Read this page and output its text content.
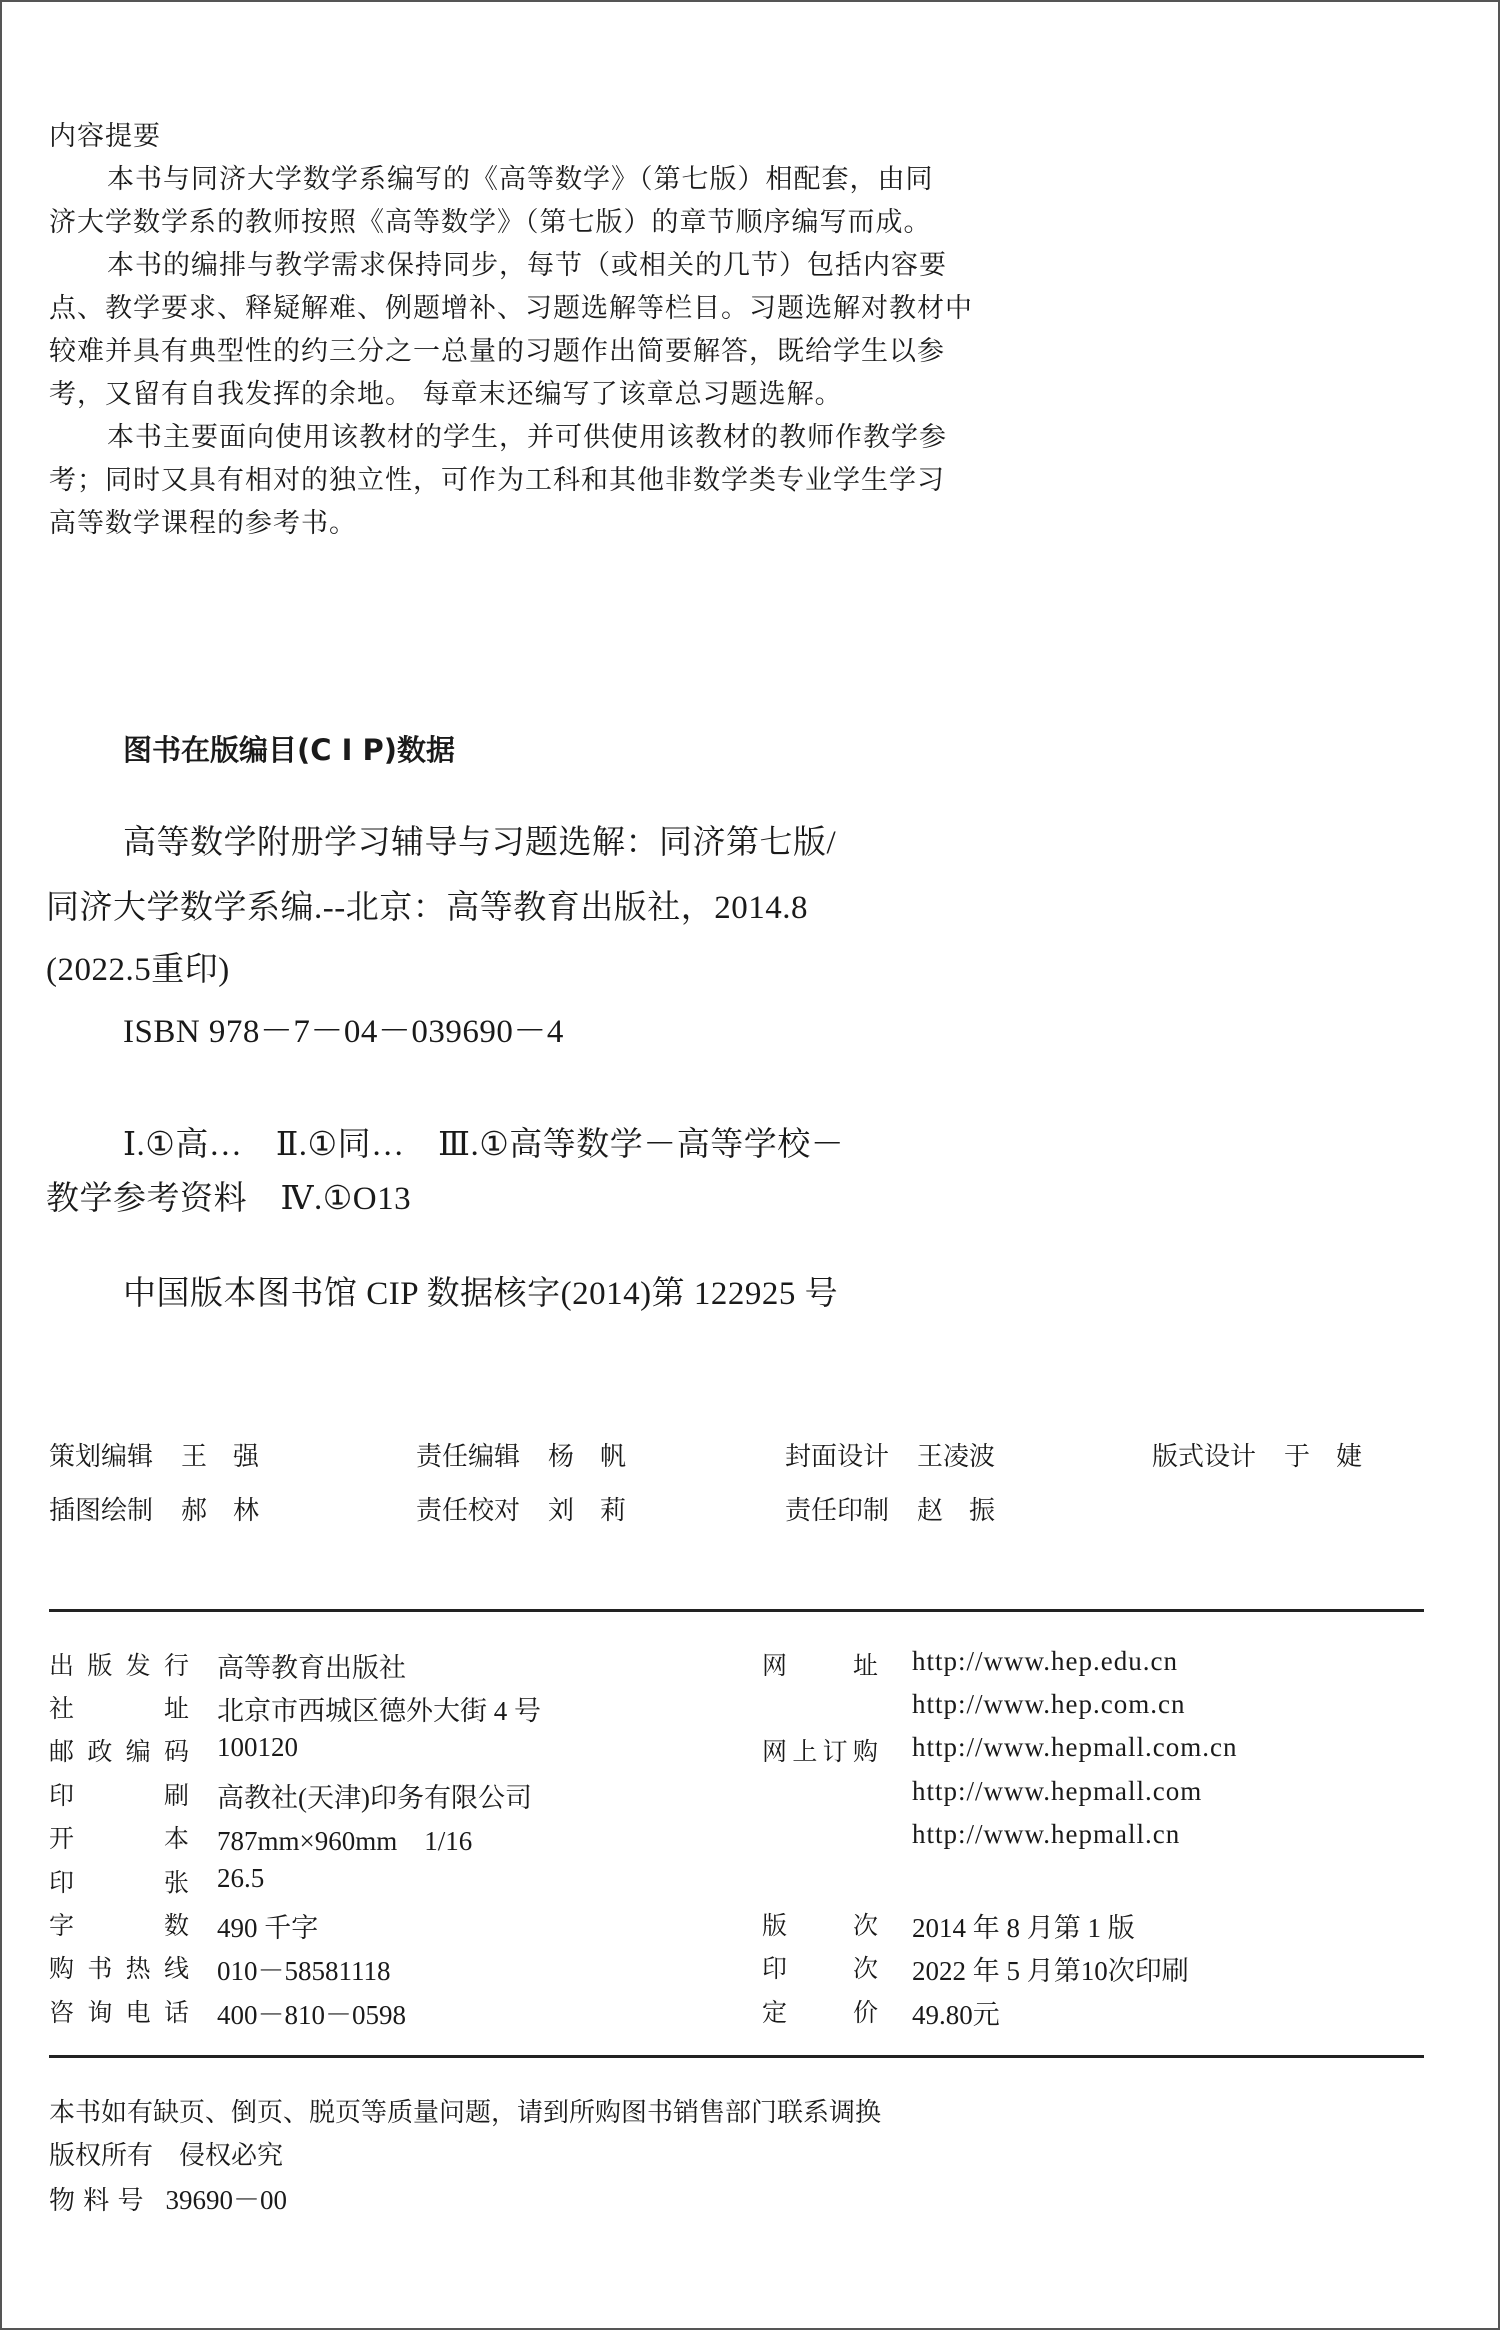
内容提要
本书与同济大学数学系编写的《高等数学》（第七版）相配套，由同
济大学数学系的教师按照《高等数学》（第七版）的章节顺序编写而成。
本书的编排与教学需求保持同步，每节（或相关的几节）包括内容要
点、教学要求、释疑解难、例题增补、习题选解等栏目。习题选解对教材中
较难并具有典型性的约三分之一总量的习题作出简要解答，既给学生以参
考，又留有自我发挥的余地。 每章末还编写了该章总习题选解。
本书主要面向使用该教材的学生，并可供使用该教材的教师作教学参
考；同时又具有相对的独立性，可作为工科和其他非数学类专业学生学习
高等数学课程的参考书。
图书在版编目(C I P)数据
高等数学附册学习辅导与习题选解：同济第七版/
同济大学数学系编.--北京：高等教育出版社，2014.8
(2022.5重印)
ISBN 978－7－04－039690－4
Ⅰ.①高…　Ⅱ.①同…　Ⅲ.①高等数学－高等学校－
教学参考资料　Ⅳ.①O13
中国版本图书馆 CIP 数据核字(2014)第 122925 号
策划编辑 王　强	责任编辑 杨　帆	封面设计 王凌波	版式设计 于　婕
插图绘制 郝　林	责任校对 刘　莉	责任印制 赵　振
出版发行 高等教育出版社
社址 北京市西城区德外大街 4 号
邮政编码 100120
印刷 高教社(天津)印务有限公司
开本 787mm×960mm　1/16
印张 26.5
字数 490 千字
购书热线 010－58581118
咨询电话 400－810－0598
网址 http://www.hep.edu.cn
http://www.hep.com.cn
网上订购 http://www.hepmall.com.cn
http://www.hepmall.com
http://www.hepmall.cn
版次 2014 年 8 月第 1 版
印次 2022 年 5 月第10次印刷
定价 49.80元
本书如有缺页、倒页、脱页等质量问题，请到所购图书销售部门联系调换
版权所有　侵权必究
物 料 号 39690－00
